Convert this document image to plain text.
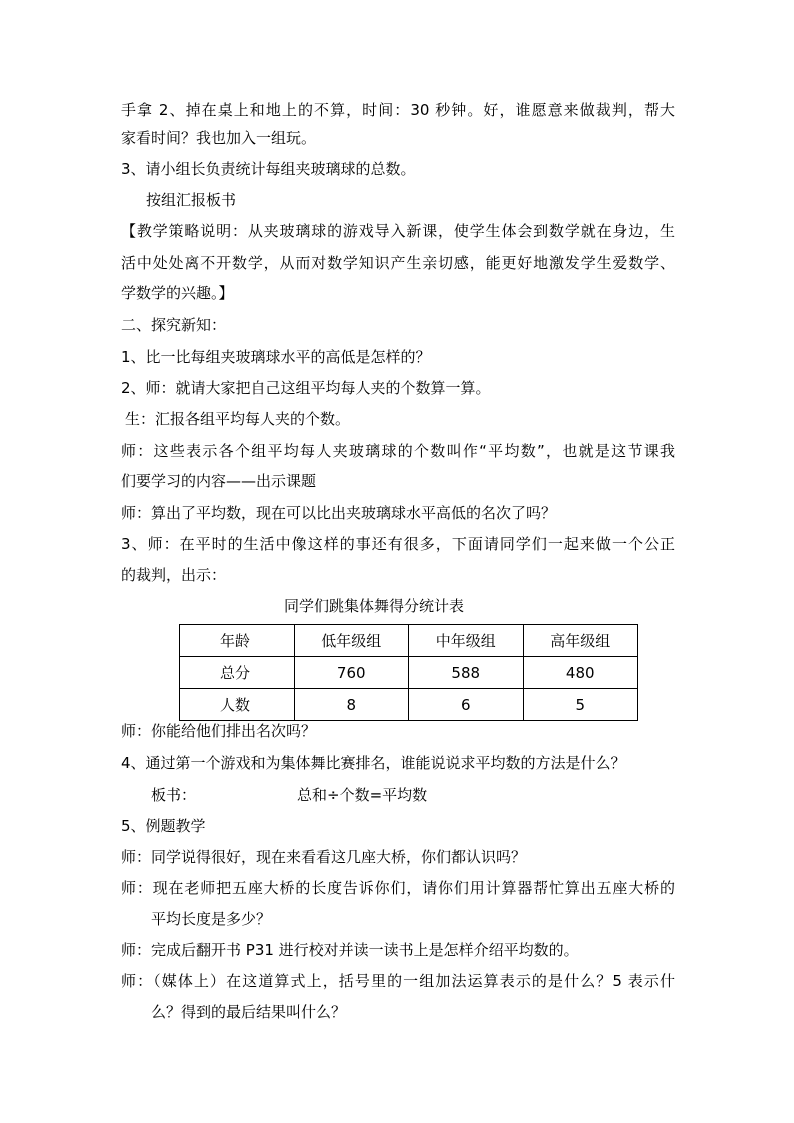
手拿 2、掉在桌上和地上的不算，时间：30 秒钟。好，谁愿意来做裁判，帮大
家看时间？我也加入一组玩。
3、请小组长负责统计每组夹玻璃球的总数。
按组汇报板书
【教学策略说明：从夹玻璃球的游戏导入新课，使学生体会到数学就在身边，生
活中处处离不开数学，从而对数学知识产生亲切感，能更好地激发学生爱数学、
学数学的兴趣。】
二、探究新知：
1、比一比每组夹玻璃球水平的高低是怎样的？
2、师：就请大家把自己这组平均每人夹的个数算一算。
生：汇报各组平均每人夹的个数。
师：这些表示各个组平均每人夹玻璃球的个数叫作“平均数”，也就是这节课我
们要学习的内容——出示课题
师：算出了平均数，现在可以比出夹玻璃球水平高低的名次了吗？
3、师：在平时的生活中像这样的事还有很多，下面请同学们一起来做一个公正
的裁判，出示：
同学们跳集体舞得分统计表
年龄	低年级组	中年级组	高年级组
总分	760	588	480
人数	8	6	5
师：你能给他们排出名次吗？
4、通过第一个游戏和为集体舞比赛排名，谁能说说求平均数的方法是什么？
板书：	总和÷个数=平均数
5、例题教学
师：同学说得很好，现在来看看这几座大桥，你们都认识吗？
师：现在老师把五座大桥的长度告诉你们，请你们用计算器帮忙算出五座大桥的
平均长度是多少？
师：完成后翻开书 P31 进行校对并读一读书上是怎样介绍平均数的。
师：（媒体上）在这道算式上，括号里的一组加法运算表示的是什么？5 表示什
么？得到的最后结果叫什么？
